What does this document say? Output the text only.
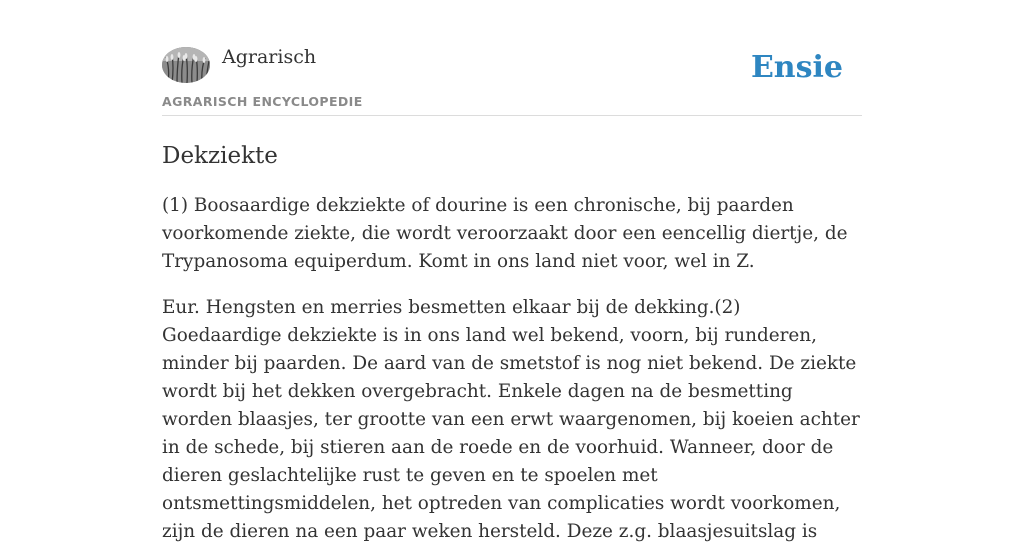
Agrarisch
AGRARISCH ENCYCLOPEDIE
Ensie
Dekziekte

(1) Boosaardige dekziekte of dourine is een chronische, bij paarden voorkomende ziekte, die wordt veroorzaakt door een eencellig diertje, de Trypanosoma equiperdum. Komt in ons land niet voor, wel in Z.

Eur. Hengsten en merries besmetten elkaar bij de dekking.(2) Goedaardige dekziekte is in ons land wel bekend, voorn, bij runderen, minder bij paarden. De aard van de smetstof is nog niet bekend. De ziekte wordt bij het dekken overgebracht. Enkele dagen na de besmetting worden blaasjes, ter grootte van een erwt waargenomen, bij koeien achter in de schede, bij stieren aan de roede en de voorhuid. Wanneer, door de dieren geslachtelijke rust te geven en te spoelen met ontsmettingsmiddelen, het optreden van complicaties wordt voorkomen, zijn de dieren na een paar weken hersteld. Deze z.g. blaasjesuitslag is
